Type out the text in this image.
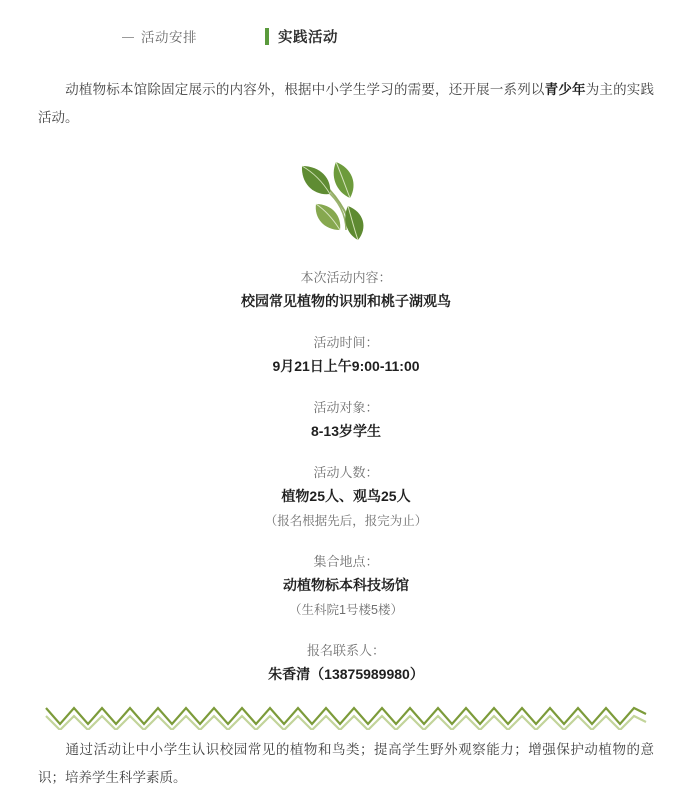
活动安排	实践活动
动植物标本馆除固定展示的内容外，根据中小学生学习的需要，还开展一系列以青少年为主的实践活动。
本次活动内容：
校园常见植物的识别和桃子湖观鸟
活动时间：
9月21日上午9:00-11:00
活动对象：
8-13岁学生
活动人数：
植物25人、观鸟25人
（报名根据先后，报完为止）
集合地点：
动植物标本科技场馆
（生科院1号楼5楼）
报名联系人：
朱香清（13875989980）
通过活动让中小学生认识校园常见的植物和鸟类；提高学生野外观察能力；增强保护动植物的意识；培养学生科学素质。
